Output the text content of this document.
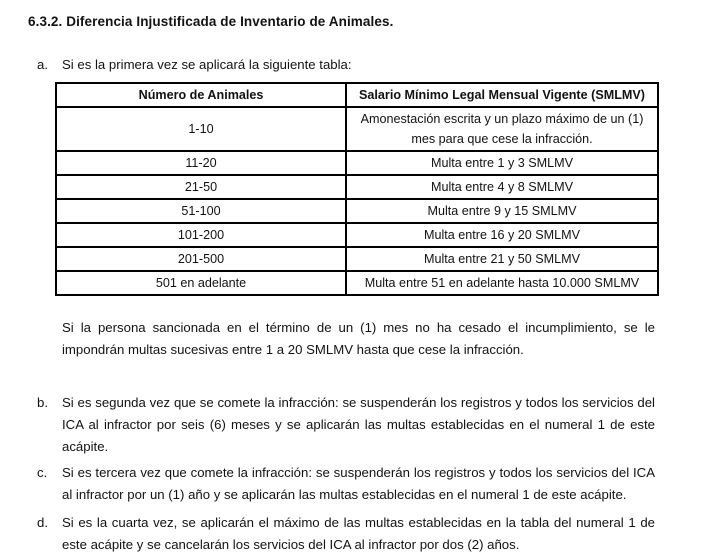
6.3.2. Diferencia Injustificada de Inventario de Animales.
a.	Si es la primera vez se aplicará la siguiente tabla:
Número de Animales	Salario Mínimo Legal Mensual Vigente (SMLMV)
1-10	Amonestación escrita y un plazo máximo de un (1) mes para que cese la infracción.
11-20	Multa entre 1 y 3 SMLMV
21-50	Multa entre 4 y 8 SMLMV
51-100	Multa entre 9 y 15 SMLMV
101-200	Multa entre 16 y 20 SMLMV
201-500	Multa entre 21 y 50 SMLMV
501 en adelante	Multa entre 51 en adelante hasta 10.000 SMLMV
Si la persona sancionada en el término de un (1) mes no ha cesado el incumplimiento, se le impondrán multas sucesivas entre 1 a 20 SMLMV hasta que cese la infracción.
b.	Si es segunda vez que se comete la infracción: se suspenderán los registros y todos los servicios del ICA al infractor por seis (6) meses y se aplicarán las multas establecidas en el numeral 1 de este acápite.
c.	Si es tercera vez que comete la infracción: se suspenderán los registros y todos los servicios del ICA al infractor por un (1) año y se aplicarán las multas establecidas en el numeral 1 de este acápite.
d.	Si es la cuarta vez, se aplicarán el máximo de las multas establecidas en la tabla del numeral 1 de este acápite y se cancelarán los servicios del ICA al infractor por dos (2) años.
